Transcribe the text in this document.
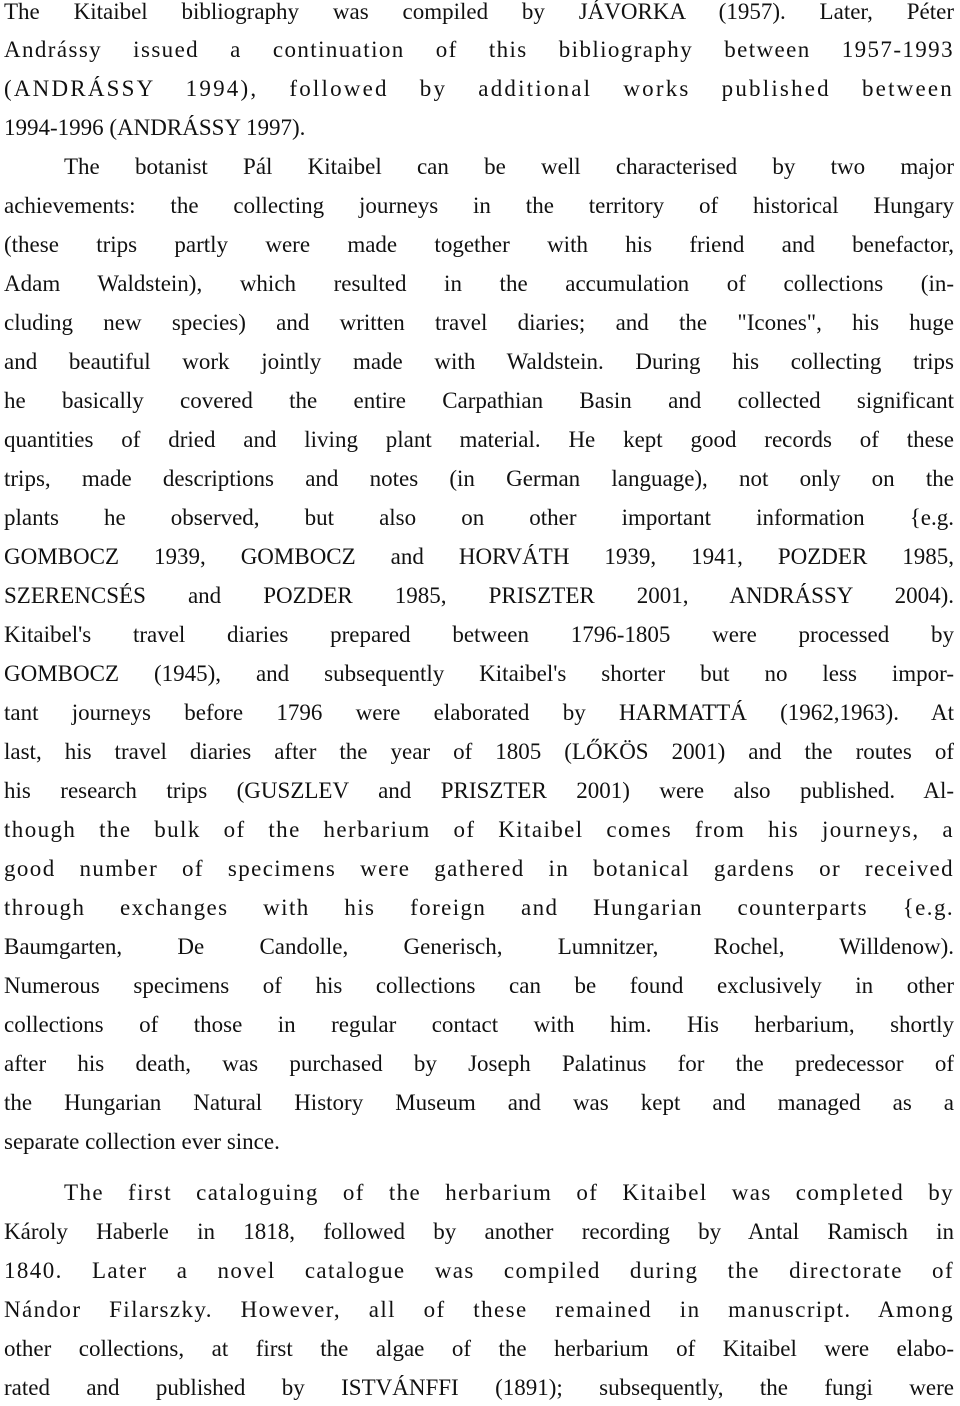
The Kitaibel bibliography was compiled by JÁVORKA (1957). Later, Péter
Andrássy issued a continuation of this bibliography between 1957-1993
(ANDRÁSSY 1994), followed by additional works published between
1994-1996 (ANDRÁSSY 1997).
The botanist Pál Kitaibel can be well characterised by two major
achievements: the collecting journeys in the territory of historical Hungary
(these trips partly were made together with his friend and benefactor,
Adam Waldstein), which resulted in the accumulation of collections (in-
cluding new species) and written travel diaries; and the "Icones", his huge
and beautiful work jointly made with Waldstein. During his collecting trips
he basically covered the entire Carpathian Basin and collected significant
quantities of dried and living plant material. He kept good records of these
trips, made descriptions and notes (in German language), not only on the
plants he observed, but also on other important information {e.g.
GOMBOCZ 1939, GOMBOCZ and HORVÁTH 1939, 1941, POZDER 1985,
SZERENCSÉS and POZDER 1985, PRISZTER 2001, ANDRÁSSY 2004).
Kitaibel's travel diaries prepared between 1796-1805 were processed by
GOMBOCZ (1945), and subsequently Kitaibel's shorter but no less impor-
tant journeys before 1796 were elaborated by HARMATTÁ (1962,1963). At
last, his travel diaries after the year of 1805 (LŐKÖS 2001) and the routes of
his research trips (GUSZLEV and PRISZTER 2001) were also published. Al-
though the bulk of the herbarium of Kitaibel comes from his journeys, a
good number of specimens were gathered in botanical gardens or received
through exchanges with his foreign and Hungarian counterparts {e.g.
Baumgarten, De Candolle, Generisch, Lumnitzer, Rochel, Willdenow).
Numerous specimens of his collections can be found exclusively in other
collections of those in regular contact with him. His herbarium, shortly
after his death, was purchased by Joseph Palatinus for the predecessor of
the Hungarian Natural History Museum and was kept and managed as a
separate collection ever since.
The first cataloguing of the herbarium of Kitaibel was completed by
Károly Haberle in 1818, followed by another recording by Antal Ramisch in
1840. Later a novel catalogue was compiled during the directorate of
Nándor Filarszky. However, all of these remained in manuscript. Among
other collections, at first the algae of the herbarium of Kitaibel were elabo-
rated and published by ISTVÁNFFI (1891); subsequently, the fungi were
